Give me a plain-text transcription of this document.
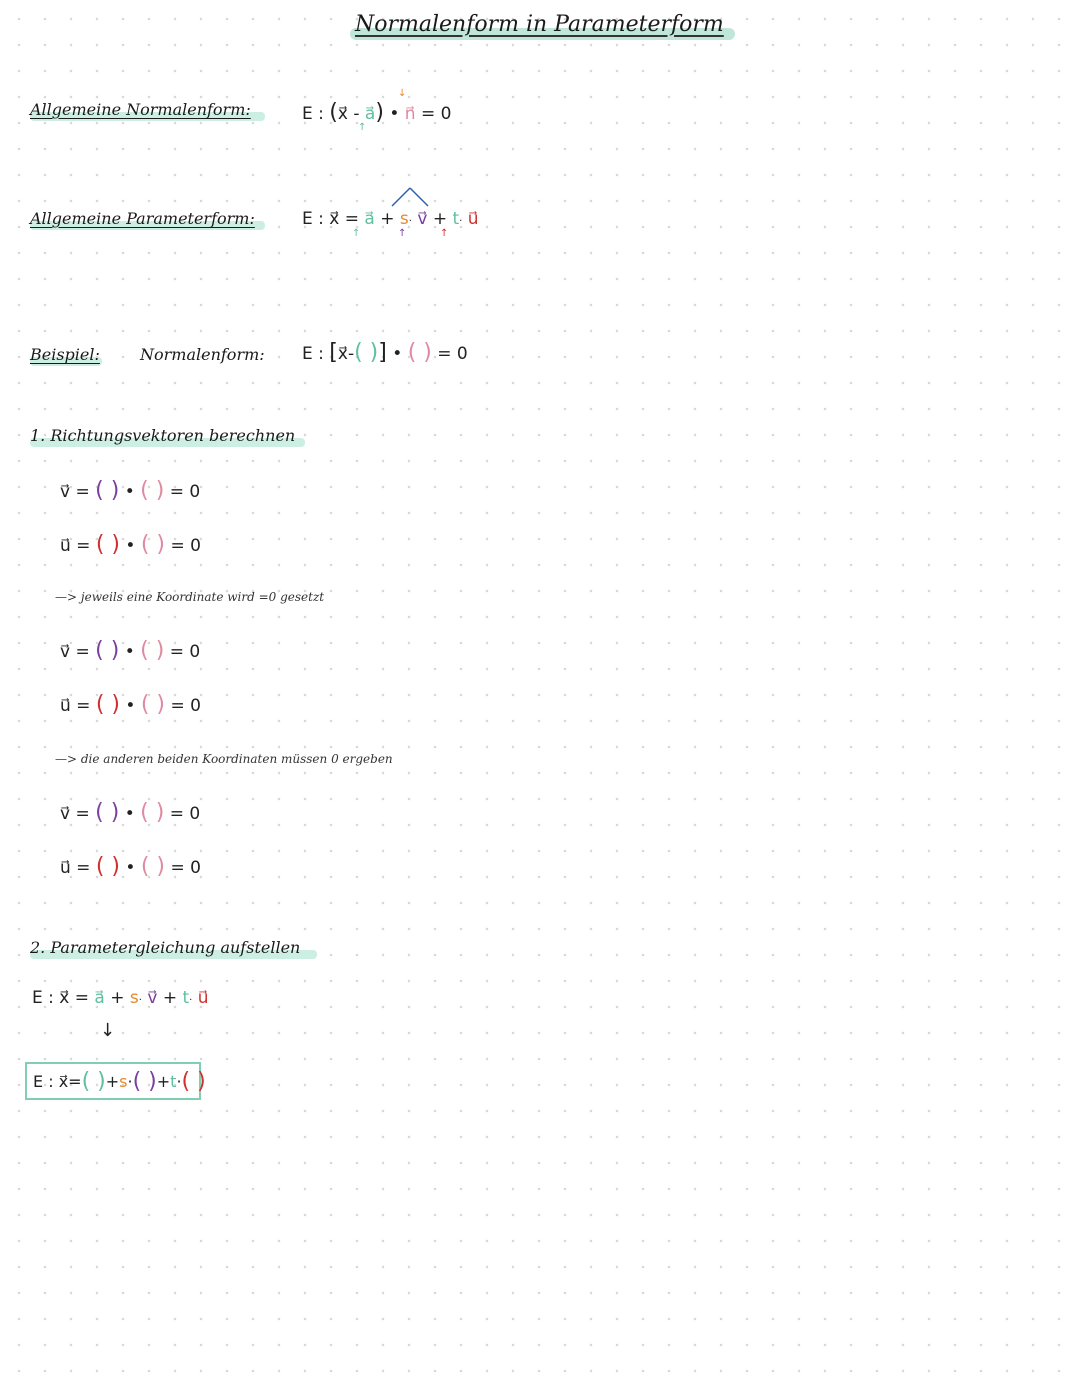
Normalenform in Parameterform
Allgemeine Normalenform:	E : (x⃗ - a⃗) • n⃗ = 0
↑
↓
Allgemeine Parameterform:	E : x⃗ = a⃗ + s· v⃗ + t· u⃗
↑	↑	↑
Beispiel:	Normalenform: E : [x⃗-( )] • ( ) = 0
1. Richtungsvektoren berechnen
v⃗ = ( ) • ( ) = 0
u⃗ = ( ) • ( ) = 0
—> jeweils eine Koordinate wird =0 gesetzt
v⃗ = ( ) • ( ) = 0
u⃗ = ( ) • ( ) = 0
—> die anderen beiden Koordinaten müssen 0 ergeben
v⃗ = ( ) • ( ) = 0
u⃗ = ( ) • ( ) = 0
2. Parametergleichung aufstellen
E : x⃗ = a⃗ + s· v⃗ + t· u⃗
↓
E :
x⃗ = ( ) + s · ( ) + t · ( )
